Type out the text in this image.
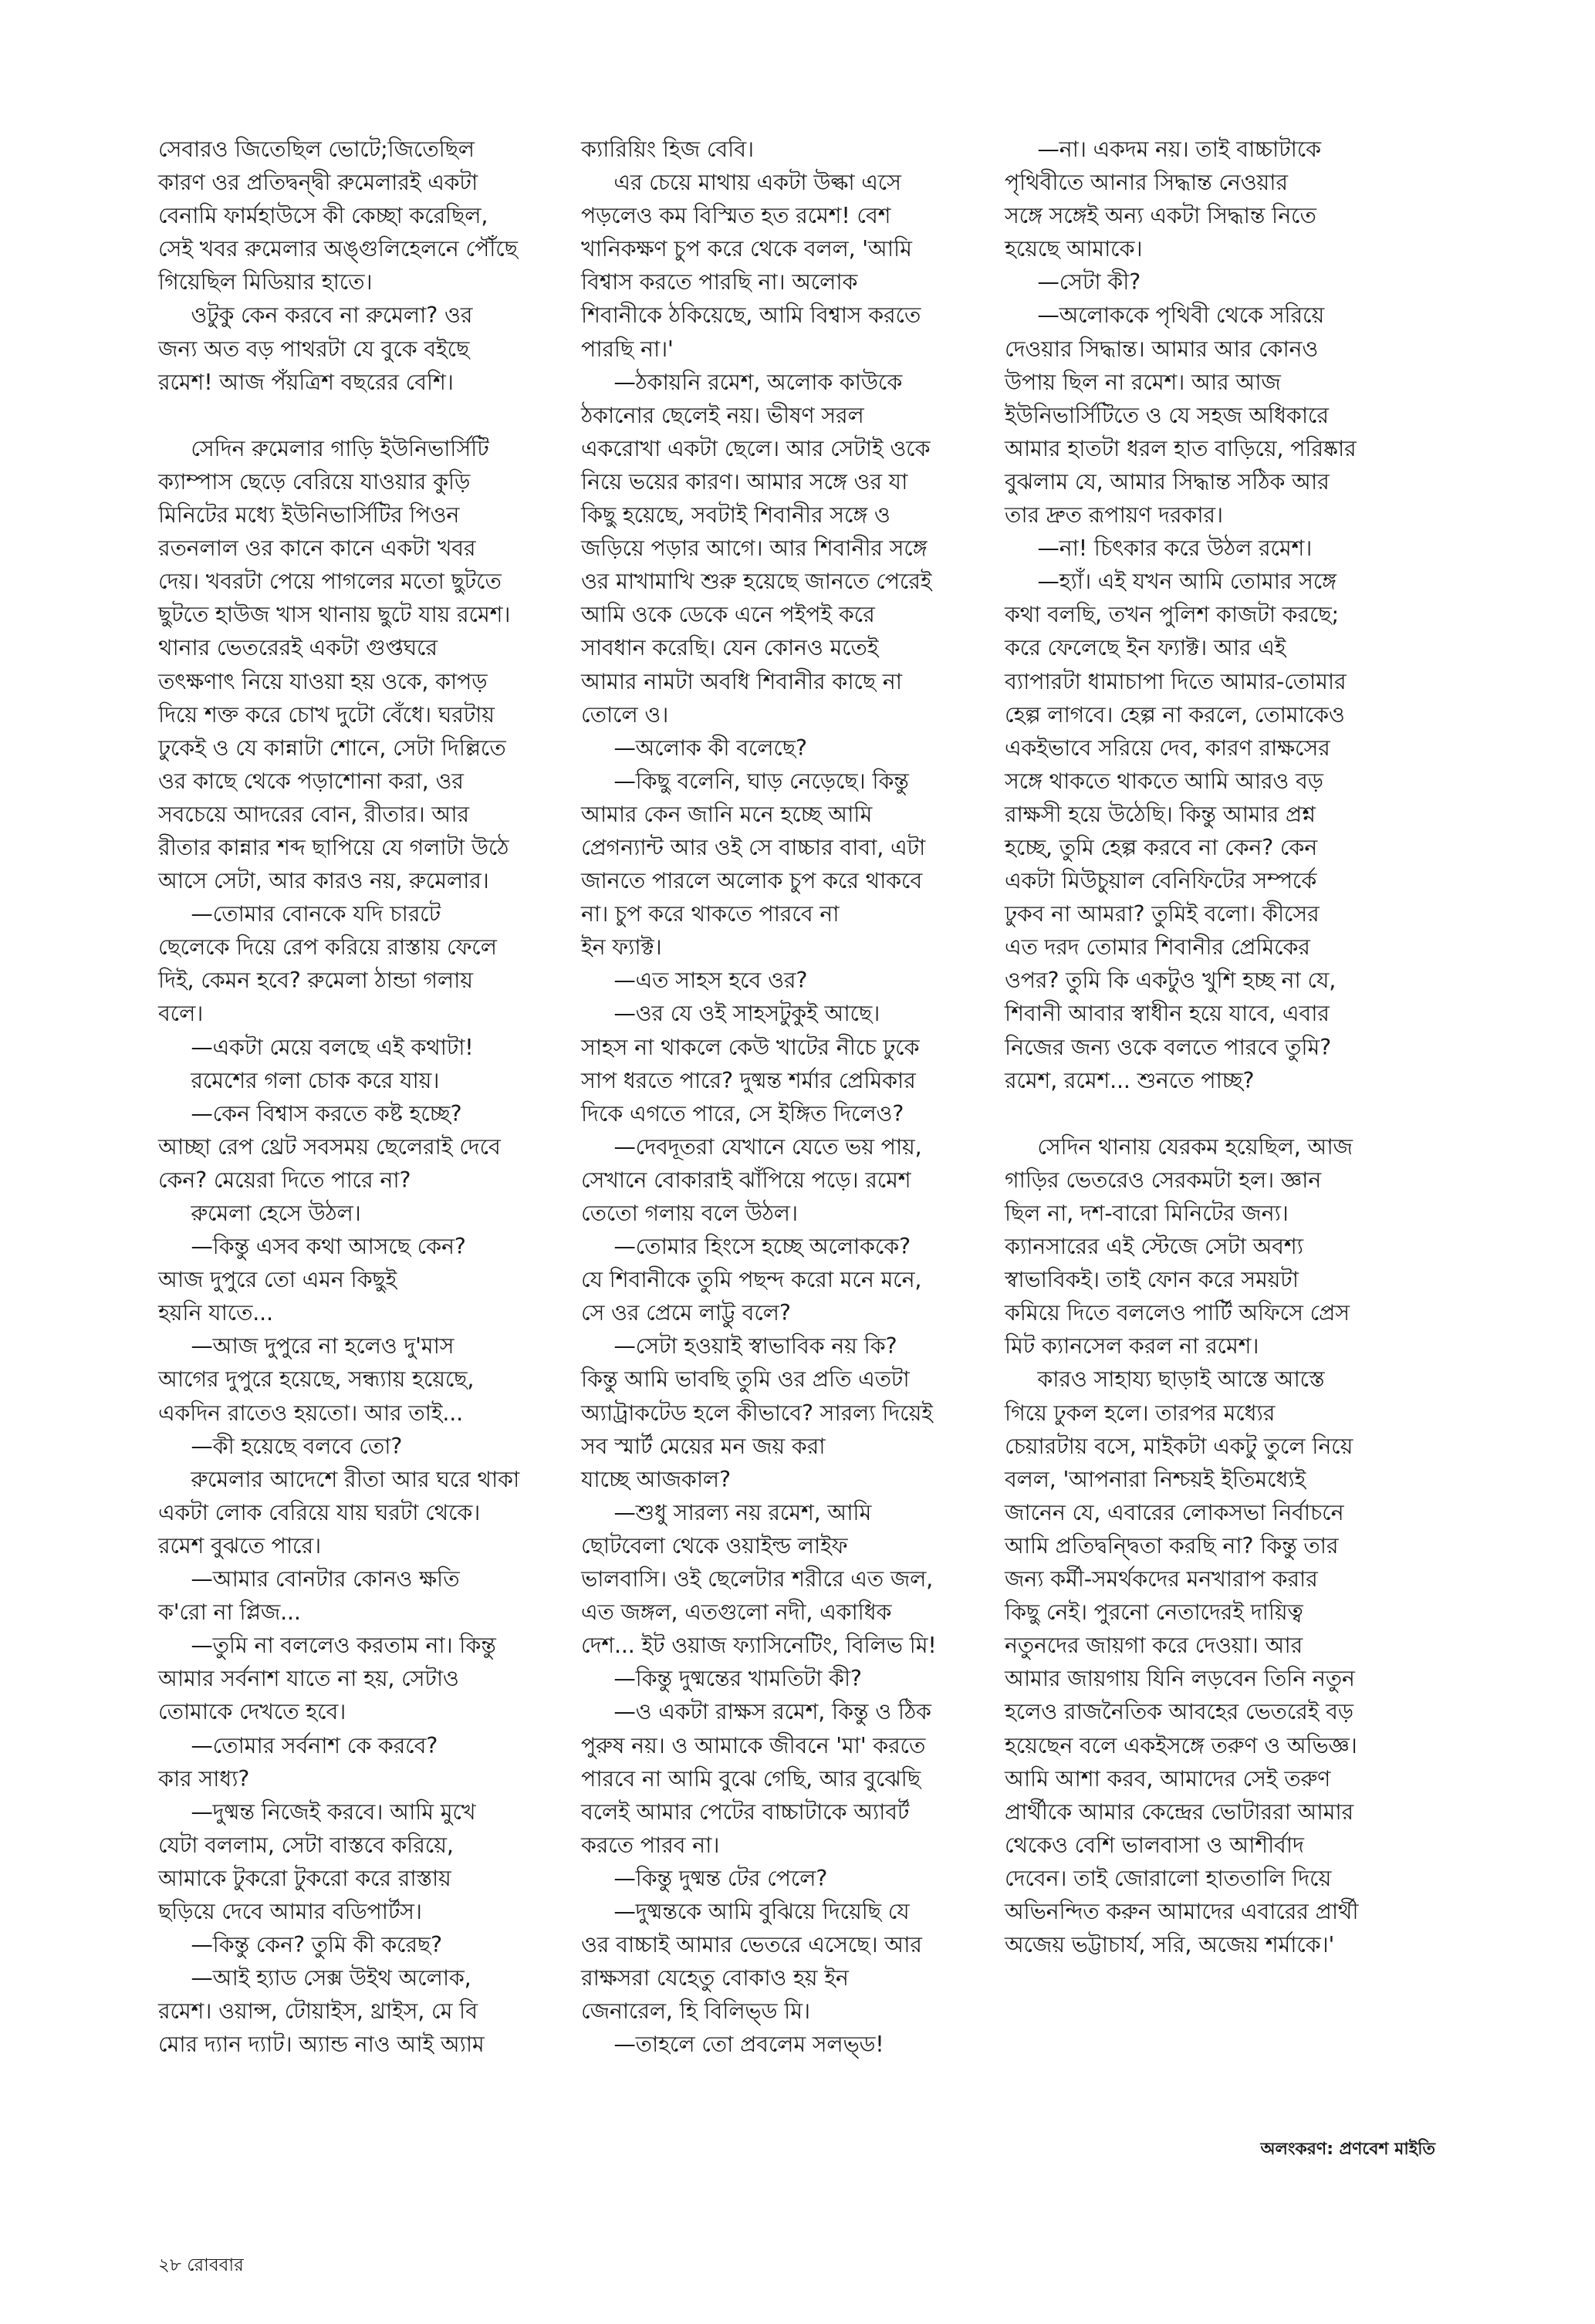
সেবারও জিতেছিল ভোটে;জিতেছিল
কারণ ওর প্রতিদ্বন্দ্বী রুমেলারই একটা
বেনামি ফার্মহাউসে কী কেচ্ছা করেছিল,
সেই খবর রুমেলার অঙ্গুলিহেলনে পৌঁছে
গিয়েছিল মিডিয়ার হাতে।
  ওটুকু কেন করবে না রুমেলা? ওর
জন্য অত বড় পাথরটা যে বুকে বইছে
রমেশ! আজ পঁয়ত্রিশ বছরের বেশি।
  সেদিন রুমেলার গাড়ি ইউনিভার্সিটি
ক্যাম্পাস ছেড়ে বেরিয়ে যাওয়ার কুড়ি
মিনিটের মধ্যে ইউনিভার্সিটির পিওন
রতনলাল ওর কানে কানে একটা খবর
দেয়। খবরটা পেয়ে পাগলের মতো ছুটতে
ছুটতে হাউজ খাস থানায় ছুটে যায় রমেশ।
থানার ভেতরেরই একটা গুপ্তঘরে
তৎক্ষণাৎ নিয়ে যাওয়া হয় ওকে, কাপড়
দিয়ে শক্ত করে চোখ দুটো বেঁধে। ঘরটায়
ঢুকেই ও যে কান্নাটা শোনে, সেটা দিল্লিতে
ওর কাছে থেকে পড়াশোনা করা, ওর
সবচেয়ে আদরের বোন, রীতার। আর
রীতার কান্নার শব্দ ছাপিয়ে যে গলাটা উঠে
আসে সেটা, আর কারও নয়, রুমেলার।
  —তোমার বোনকে যদি চারটে
ছেলেকে দিয়ে রেপ করিয়ে রাস্তায় ফেলে
দিই, কেমন হবে? রুমেলা ঠান্ডা গলায়
বলে।
  —একটা মেয়ে বলছে এই কথাটা!
  রমেশের গলা চোক করে যায়।
  —কেন বিশ্বাস করতে কষ্ট হচ্ছে?
আচ্ছা রেপ থ্রেট সবসময় ছেলেরাই দেবে
কেন? মেয়েরা দিতে পারে না?
  রুমেলা হেসে উঠল।
  —কিন্তু এসব কথা আসছে কেন?
আজ দুপুরে তো এমন কিছুই
হয়নি যাতে...
  —আজ দুপুরে না হলেও দু'মাস
আগের দুপুরে হয়েছে, সন্ধ্যায় হয়েছে,
একদিন রাতেও হয়তো। আর তাই...
  —কী হয়েছে বলবে তো?
  রুমেলার আদেশে রীতা আর ঘরে থাকা
একটা লোক বেরিয়ে যায় ঘরটা থেকে।
রমেশ বুঝতে পারে।
  —আমার বোনটার কোনও ক্ষতি
ক'রো না প্লিজ...
  —তুমি না বললেও করতাম না। কিন্তু
আমার সর্বনাশ যাতে না হয়, সেটাও
তোমাকে দেখতে হবে।
  —তোমার সর্বনাশ কে করবে?
কার সাধ্য?
  —দুষ্মন্ত নিজেই করবে। আমি মুখে
যেটা বললাম, সেটা বাস্তবে করিয়ে,
আমাকে টুকরো টুকরো করে রাস্তায়
ছড়িয়ে দেবে আমার বডিপার্টস।
  —কিন্তু কেন? তুমি কী করেছ?
  —আই হ্যাড সেক্স উইথ অলোক,
রমেশ। ওয়ান্স, টোয়াইস, থ্রাইস, মে বি
মোর দ্যান দ্যাট। অ্যান্ড নাও আই অ্যাম
ক্যারিয়িং হিজ বেবি।
  এর চেয়ে মাথায় একটা উল্কা এসে
পড়লেও কম বিস্মিত হত রমেশ! বেশ
খানিকক্ষণ চুপ করে থেকে বলল, 'আমি
বিশ্বাস করতে পারছি না। অলোক
শিবানীকে ঠকিয়েছে, আমি বিশ্বাস করতে
পারছি না।'
  —ঠকায়নি রমেশ, অলোক কাউকে
ঠকানোর ছেলেই নয়। ভীষণ সরল
একরোখা একটা ছেলে। আর সেটাই ওকে
নিয়ে ভয়ের কারণ। আমার সঙ্গে ওর যা
কিছু হয়েছে, সবটাই শিবানীর সঙ্গে ও
জড়িয়ে পড়ার আগে। আর শিবানীর সঙ্গে
ওর মাখামাখি শুরু হয়েছে জানতে পেরেই
আমি ওকে ডেকে এনে পইপই করে
সাবধান করেছি। যেন কোনও মতেই
আমার নামটা অবধি শিবানীর কাছে না
তোলে ও।
  —অলোক কী বলেছে?
  —কিছু বলেনি, ঘাড় নেড়েছে। কিন্তু
আমার কেন জানি মনে হচ্ছে আমি
প্রেগন্যান্ট আর ওই সে বাচ্চার বাবা, এটা
জানতে পারলে অলোক চুপ করে থাকবে
না। চুপ করে থাকতে পারবে না
ইন ফ্যাক্ট।
  —এত সাহস হবে ওর?
  —ওর যে ওই সাহসটুকুই আছে।
সাহস না থাকলে কেউ খাটের নীচে ঢুকে
সাপ ধরতে পারে? দুষ্মন্ত শর্মার প্রেমিকার
দিকে এগতে পারে, সে ইঙ্গিত দিলেও?
  —দেবদূতরা যেখানে যেতে ভয় পায়,
সেখানে বোকারাই ঝাঁপিয়ে পড়ে। রমেশ
তেতো গলায় বলে উঠল।
  —তোমার হিংসে হচ্ছে অলোককে?
যে শিবানীকে তুমি পছন্দ করো মনে মনে,
সে ওর প্রেমে লাট্টু বলে?
  —সেটা হওয়াই স্বাভাবিক নয় কি?
কিন্তু আমি ভাবছি তুমি ওর প্রতি এতটা
অ্যাট্রাকটেড হলে কীভাবে? সারল্য দিয়েই
সব স্মার্ট মেয়ের মন জয় করা
যাচ্ছে আজকাল?
  —শুধু সারল্য নয় রমেশ, আমি
ছোটবেলা থেকে ওয়াইল্ড লাইফ
ভালবাসি। ওই ছেলেটার শরীরে এত জল,
এত জঙ্গল, এতগুলো নদী, একাধিক
দেশ... ইট ওয়াজ ফ্যাসিনেটিং, বিলিভ মি!
  —কিন্তু দুষ্মন্তের খামতিটা কী?
  —ও একটা রাক্ষস রমেশ, কিন্তু ও ঠিক
পুরুষ নয়। ও আমাকে জীবনে 'মা' করতে
পারবে না আমি বুঝে গেছি, আর বুঝেছি
বলেই আমার পেটের বাচ্চাটাকে অ্যাবর্ট
করতে পারব না।
  —কিন্তু দুষ্মন্ত টের পেলে?
  —দুষ্মন্তকে আমি বুঝিয়ে দিয়েছি যে
ওর বাচ্চাই আমার ভেতরে এসেছে। আর
রাক্ষসরা যেহেতু বোকাও হয় ইন
জেনারেল, হি বিলিভ্‌ড মি।
  —তাহলে তো প্রবলেম সলভ্‌ড!
  —না। একদম নয়। তাই বাচ্চাটাকে
পৃথিবীতে আনার সিদ্ধান্ত নেওয়ার
সঙ্গে সঙ্গেই অন্য একটা সিদ্ধান্ত নিতে
হয়েছে আমাকে।
  —সেটা কী?
  —অলোককে পৃথিবী থেকে সরিয়ে
দেওয়ার সিদ্ধান্ত। আমার আর কোনও
উপায় ছিল না রমেশ। আর আজ
ইউনিভার্সিটিতে ও যে সহজ অধিকারে
আমার হাতটা ধরল হাত বাড়িয়ে, পরিষ্কার
বুঝলাম যে, আমার সিদ্ধান্ত সঠিক আর
তার দ্রুত রূপায়ণ দরকার।
  —না! চিৎকার করে উঠল রমেশ।
  —হ্যাঁ। এই যখন আমি তোমার সঙ্গে
কথা বলছি, তখন পুলিশ কাজটা করছে;
করে ফেলেছে ইন ফ্যাক্ট। আর এই
ব্যাপারটা ধামাচাপা দিতে আমার-তোমার
হেল্প লাগবে। হেল্প না করলে, তোমাকেও
একইভাবে সরিয়ে দেব, কারণ রাক্ষসের
সঙ্গে থাকতে থাকতে আমি আরও বড়
রাক্ষসী হয়ে উঠেছি। কিন্তু আমার প্রশ্ন
হচ্ছে, তুমি হেল্প করবে না কেন? কেন
একটা মিউচুয়াল বেনিফিটের সম্পর্কে
ঢুকব না আমরা? তুমিই বলো। কীসের
এত দরদ তোমার শিবানীর প্রেমিকের
ওপর? তুমি কি একটুও খুশি হচ্ছ না যে,
শিবানী আবার স্বাধীন হয়ে যাবে, এবার
নিজের জন্য ওকে বলতে পারবে তুমি?
রমেশ, রমেশ... শুনতে পাচ্ছ?
  সেদিন থানায় যেরকম হয়েছিল, আজ
গাড়ির ভেতরেও সেরকমটা হল। জ্ঞান
ছিল না, দশ-বারো মিনিটের জন্য।
ক্যানসারের এই স্টেজে সেটা অবশ্য
স্বাভাবিকই। তাই ফোন করে সময়টা
কমিয়ে দিতে বললেও পার্টি অফিসে প্রেস
মিট ক্যানসেল করল না রমেশ।
  কারও সাহায্য ছাড়াই আস্তে আস্তে
গিয়ে ঢুকল হলে। তারপর মধ্যের
চেয়ারটায় বসে, মাইকটা একটু তুলে নিয়ে
বলল, 'আপনারা নিশ্চয়ই ইতিমধ্যেই
জানেন যে, এবারের লোকসভা নির্বাচনে
আমি প্রতিদ্বন্দ্বিতা করছি না? কিন্তু তার
জন্য কর্মী-সমর্থকদের মনখারাপ করার
কিছু নেই। পুরনো নেতাদেরই দায়িত্ব
নতুনদের জায়গা করে দেওয়া। আর
আমার জায়গায় যিনি লড়বেন তিনি নতুন
হলেও রাজনৈতিক আবহের ভেতরেই বড়
হয়েছেন বলে একইসঙ্গে তরুণ ও অভিজ্ঞ।
আমি আশা করব, আমাদের সেই তরুণ
প্রার্থীকে আমার কেন্দ্রের ভোটাররা আমার
থেকেও বেশি ভালবাসা ও আশীর্বাদ
দেবেন। তাই জোরালো হাততালি দিয়ে
অভিনন্দিত করুন আমাদের এবারের প্রার্থী
অজেয় ভট্টাচার্য, সরি, অজেয় শর্মাকে।'
অলংকরণ: প্রণবেশ মাইতি
২৮ রোববার
